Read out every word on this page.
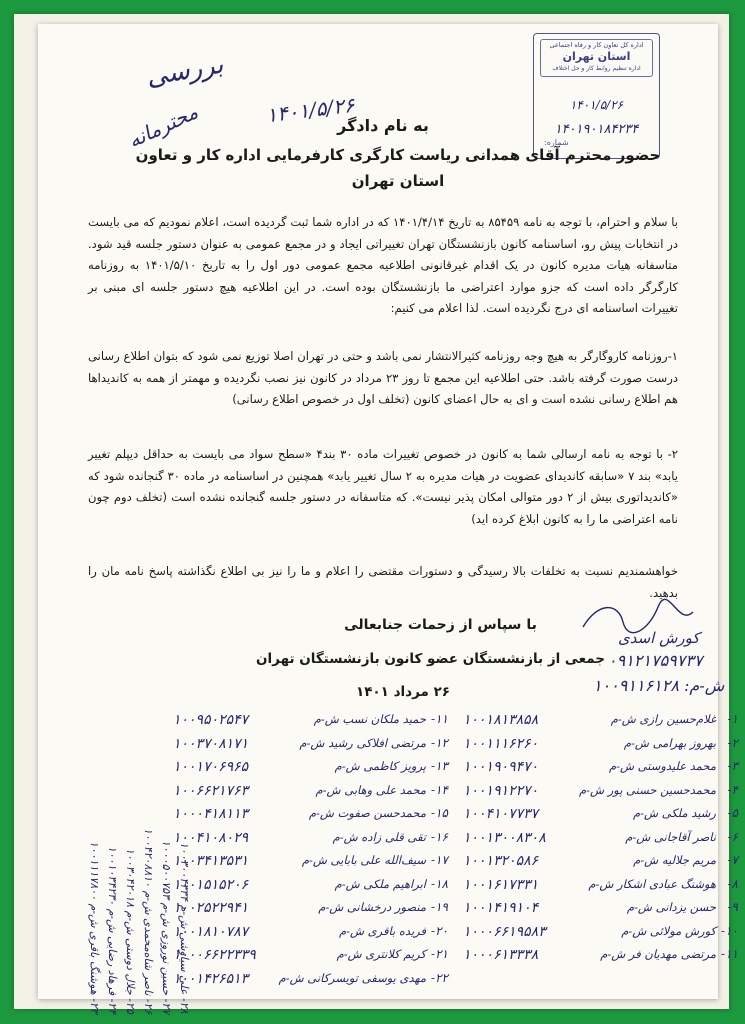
بررسی
محترمانه	۱۴۰۱/۵/۲۶
اداره کل تعاون کار و رفاه اجتماعی
استان تهران
اداره تنظیم روابط کار و حل اختلاف
۱۴۰۱/۵/۲۶
۱۴۰۱۹۰۱۸۴۲۳۴
شماره:
به نام دادگر
حضور محترم آقای همدانی ریاست کارگری کارفرمایی اداره کار و تعاون
استان تهران
با سلام و احترام، با توجه به نامه ۸۵۴۵۹ به تاریخ ۱۴۰۱/۴/۱۴ که در اداره شما ثبت گردیده است، اعلام نمودیم که می بایست در انتخابات پیش رو، اساسنامه کانون بازنشستگان تهران تغییراتی ایجاد و در مجمع عمومی به عنوان دستور جلسه قید شود. متاسفانه هیات مدیره کانون در یک اقدام غیرقانونی اطلاعیه مجمع عمومی دور اول را به تاریخ ۱۴۰۱/۵/۱۰ به روزنامه کارگرگر داده است که جزو موارد اعتراضی ما بازنشستگان بوده است. در این اطلاعیه هیچ دستور جلسه ای مبنی بر تغییرات اساسنامه ای درج نگردیده است. لذا اعلام می کنیم:
۱-روزنامه کاروگارگر به هیچ وجه روزنامه کثیرالانتشار نمی باشد و حتی در تهران اصلا توزیع نمی شود که بتوان اطلاع رسانی درست صورت گرفته باشد. حتی اطلاعیه این مجمع تا روز ۲۳ مرداد در کانون نیز نصب نگردیده و مهمتر از همه به کاندیداها هم اطلاع رسانی نشده است و ای به حال اعضای کانون (تخلف اول در خصوص اطلاع رسانی)
۲- با توجه به نامه ارسالی شما به کانون در خصوص تغییرات ماده ۳۰ بند۴ «سطح سواد می بایست به حداقل دیپلم تغییر یابد» بند ۷ «سابقه کاندیدای عضویت در هیات مدیره به ۲ سال تغییر یابد» همچنین در اساسنامه در ماده ۳۰ گنجانده شود که «کاندیداتوری بیش از ۲ دور متوالی امکان پذیر نیست». که متاسفانه در دستور جلسه گنجانده نشده است (تخلف دوم چون نامه اعتراضی ما را به کانون ابلاغ کرده اید)
خواهشمندیم نسبت به تخلفات بالا رسیدگی و دستورات مقتضی را اعلام و ما را نیز بی اطلاع نگذاشته پاسخ نامه مان را بدهید.
با سپاس از زحمات جنابعالی
جمعی از بازنشستگان عضو کانون بازنشستگان تهران
۲۶ مرداد ۱۴۰۱
کورش اسدی
۰۹۱۲۱۷۵۹۷۳۷
ش-م: ۱۰۰۹۱۱۶۱۲۸
۱۰۰۱۸۱۳۸۵۸	غلام‌حسین رازی ش-م ۱-
۱۰۰۱۱۱۶۲۶۰	بهروز بهرامی ش-م ۲-
۱۰۰۱۹۰۹۴۷۰	محمد علیدوستی ش-م ۳-
۱۰۰۱۹۱۲۲۷۰	محمدحسین حسنی پور ش-م ۴-
۱۰۰۴۱۰۷۷۳۷	رشید ملکی ش-م ۵-
۱۰۰۱۳۰۰۸۳۰۸	ناصر آقاجانی ش-م ۶-
۱۰۰۱۳۲۰۵۸۶	مریم جلالیه ش-م ۷-
۱۰۰۱۶۱۷۳۳۱	هوشنگ عبادی اشکار ش-م ۸-
۱۰۰۱۴۱۹۱۰۴	حسن یزدانی ش-م ۹-
۱۰۰۰۶۶۱۹۵۸۳	کورش مولائی ش-م ۱۰-
۱۰۰۰۶۱۳۳۳۸	مرتضی مهدیان فر ش-م ۱۱-
۱۰۰۹۵۰۲۵۴۷	حمید ملکان نسب ش-م ۱۱-
۱۰۰۳۷۰۸۱۷۱	مرتضی افلاکی رشید ش-م ۱۲-
۱۰۰۱۷۰۶۹۶۵	پرویز کاظمی ش-م ۱۳-
۱۰۰۶۶۲۱۷۶۳	محمد علی وهابی ش-م ۱۴-
۱۰۰۰۴۱۸۱۱۳	محمدحسن صفوت ش-م ۱۵-
۱۰۰۴۱۰۸۰۲۹	تقی قلی زاده ش-م ۱۶-
۱۰۰۳۴۱۳۵۳۱	سیف‌الله علی بابایی ش-م ۱۷-
۱۰۰۱۵۱۵۲۰۶	ابراهیم ملکی ش-م ۱۸-
۱۰۰۲۵۲۲۹۴۱	منصور درخشانی ش-م ۱۹-
۱۰۰۱۸۱۰۷۸۷	فریده باقری ش-م ۲۰-
۱۰۰۰۶۶۲۲۳۳۹	کریم کلانتری ش-م ۲۱-
۱۰۰۱۴۲۶۵۱۳	مهدی یوسفی تویسرکانی ش-م ۲۲-
۲۳- هوشنگ باقری ش-م ۱۰۰۱۱۱۷۸۰۰
۲۴- فرهاد رضایی ش-م ۱۰۰۱۰۳۴۲۳۰
۲۵- جلال دوستی ش-م ۱۰۰۳۰۴۲۰۱۸
۲۶- ناصر شاه‌محمدی ش-م ۱۰۰۴۲۰۸۸۱۰
۲۷- حسین نوروزی ش-م ۱۰۰۰۵۰۰۷۵۳
۲۸- علی سیاوشی ش-م ۱۰۰۳۰۰۴۳۳۴
